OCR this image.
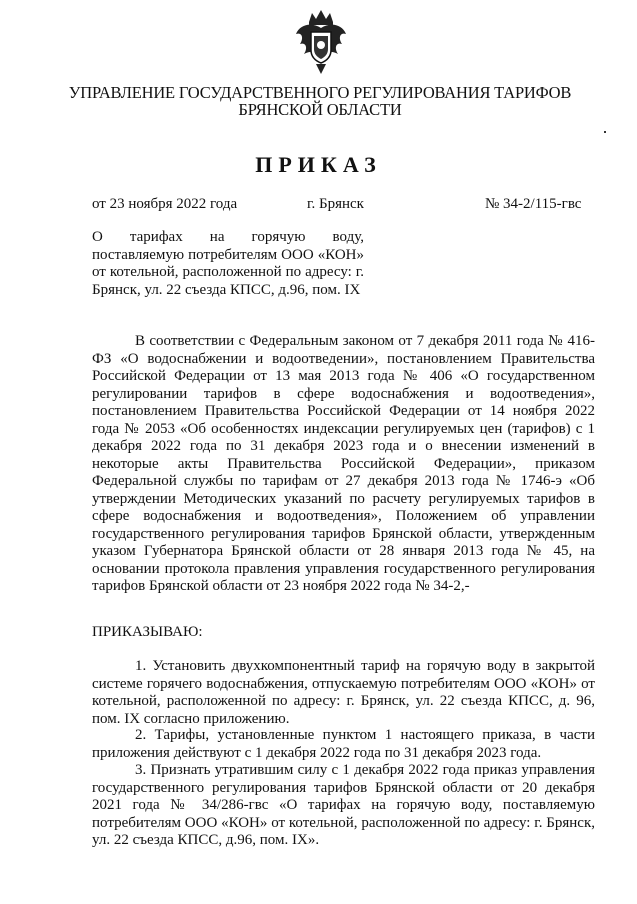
УПРАВЛЕНИЕ ГОСУДАРСТВЕННОГО РЕГУЛИРОВАНИЯ ТАРИФОВ
БРЯНСКОЙ ОБЛАСТИ
ПРИКАЗ
от 23 ноября 2022 года	г. Брянск	№ 34-2/115-гвс
О тарифах на горячую воду, поставляемую потребителям ООО «КОН» от котельной, расположенной по адресу: г. Брянск, ул. 22 съезда КПСС, д.96, пом. IX
В соответствии с Федеральным законом от 7 декабря 2011 года № 416-ФЗ «О водоснабжении и водоотведении», постановлением Правительства Российской Федерации от 13 мая 2013 года № 406 «О государственном регулировании тарифов в сфере водоснабжения и водоотведения», постановлением Правительства Российской Федерации от 14 ноября 2022 года № 2053 «Об особенностях индексации регулируемых цен (тарифов) с 1 декабря 2022 года по 31 декабря 2023 года и о внесении изменений в некоторые акты Правительства Российской Федерации», приказом Федеральной службы по тарифам от 27 декабря 2013 года № 1746-э «Об утверждении Методических указаний по расчету регулируемых тарифов в сфере водоснабжения и водоотведения», Положением об управлении государственного регулирования тарифов Брянской области, утвержденным указом Губернатора Брянской области от 28 января 2013 года № 45, на основании протокола правления управления государственного регулирования тарифов Брянской области от 23 ноября 2022 года № 34-2,-
ПРИКАЗЫВАЮ:
1. Установить двухкомпонентный тариф на горячую воду в закрытой системе горячего водоснабжения, отпускаемую потребителям ООО «КОН» от котельной, расположенной по адресу: г. Брянск, ул. 22 съезда КПСС, д. 96, пом. IX согласно приложению.
2. Тарифы, установленные пунктом 1 настоящего приказа, в части приложения действуют с 1 декабря 2022 года по 31 декабря 2023 года.
3. Признать утратившим силу с 1 декабря 2022 года приказ управления государственного регулирования тарифов Брянской области от 20 декабря 2021 года № 34/286-гвс «О тарифах на горячую воду, поставляемую потребителям ООО «КОН» от котельной, расположенной по адресу: г. Брянск, ул. 22 съезда КПСС, д.96, пом. IX».
